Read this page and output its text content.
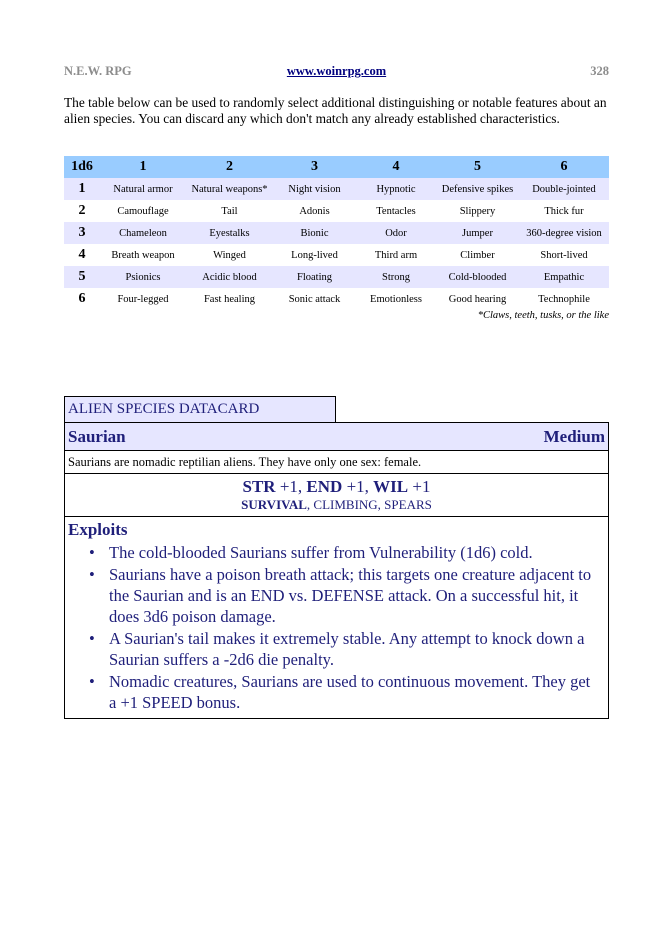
N.E.W. RPG	www.woinrpg.com	328

The table below can be used to randomly select additional distinguishing or notable features about an alien species. You can discard any which don't match any already established characteristics.

1d6	1	2	3	4	5	6
1	Natural armor	Natural weapons*	Night vision	Hypnotic	Defensive spikes	Double-jointed
2	Camouflage	Tail	Adonis	Tentacles	Slippery	Thick fur
3	Chameleon	Eyestalks	Bionic	Odor	Jumper	360-degree vision
4	Breath weapon	Winged	Long-lived	Third arm	Climber	Short-lived
5	Psionics	Acidic blood	Floating	Strong	Cold-blooded	Empathic
6	Four-legged	Fast healing	Sonic attack	Emotionless	Good hearing	Technophile
*Claws, teeth, tusks, or the like
ALIEN SPECIES DATACARD
Saurian	Medium
Saurians are nomadic reptilian aliens. They have only one sex: female.
STR +1, END +1, WIL +1
SURVIVAL, CLIMBING, SPEARS
Exploits
• The cold-blooded Saurians suffer from Vulnerability (1d6) cold.
• Saurians have a poison breath attack; this targets one creature adjacent to the Saurian and is an END vs. DEFENSE attack. On a successful hit, it does 3d6 poison damage.
• A Saurian's tail makes it extremely stable. Any attempt to knock down a Saurian suffers a -2d6 die penalty.
• Nomadic creatures, Saurians are used to continuous movement. They get a +1 SPEED bonus.
